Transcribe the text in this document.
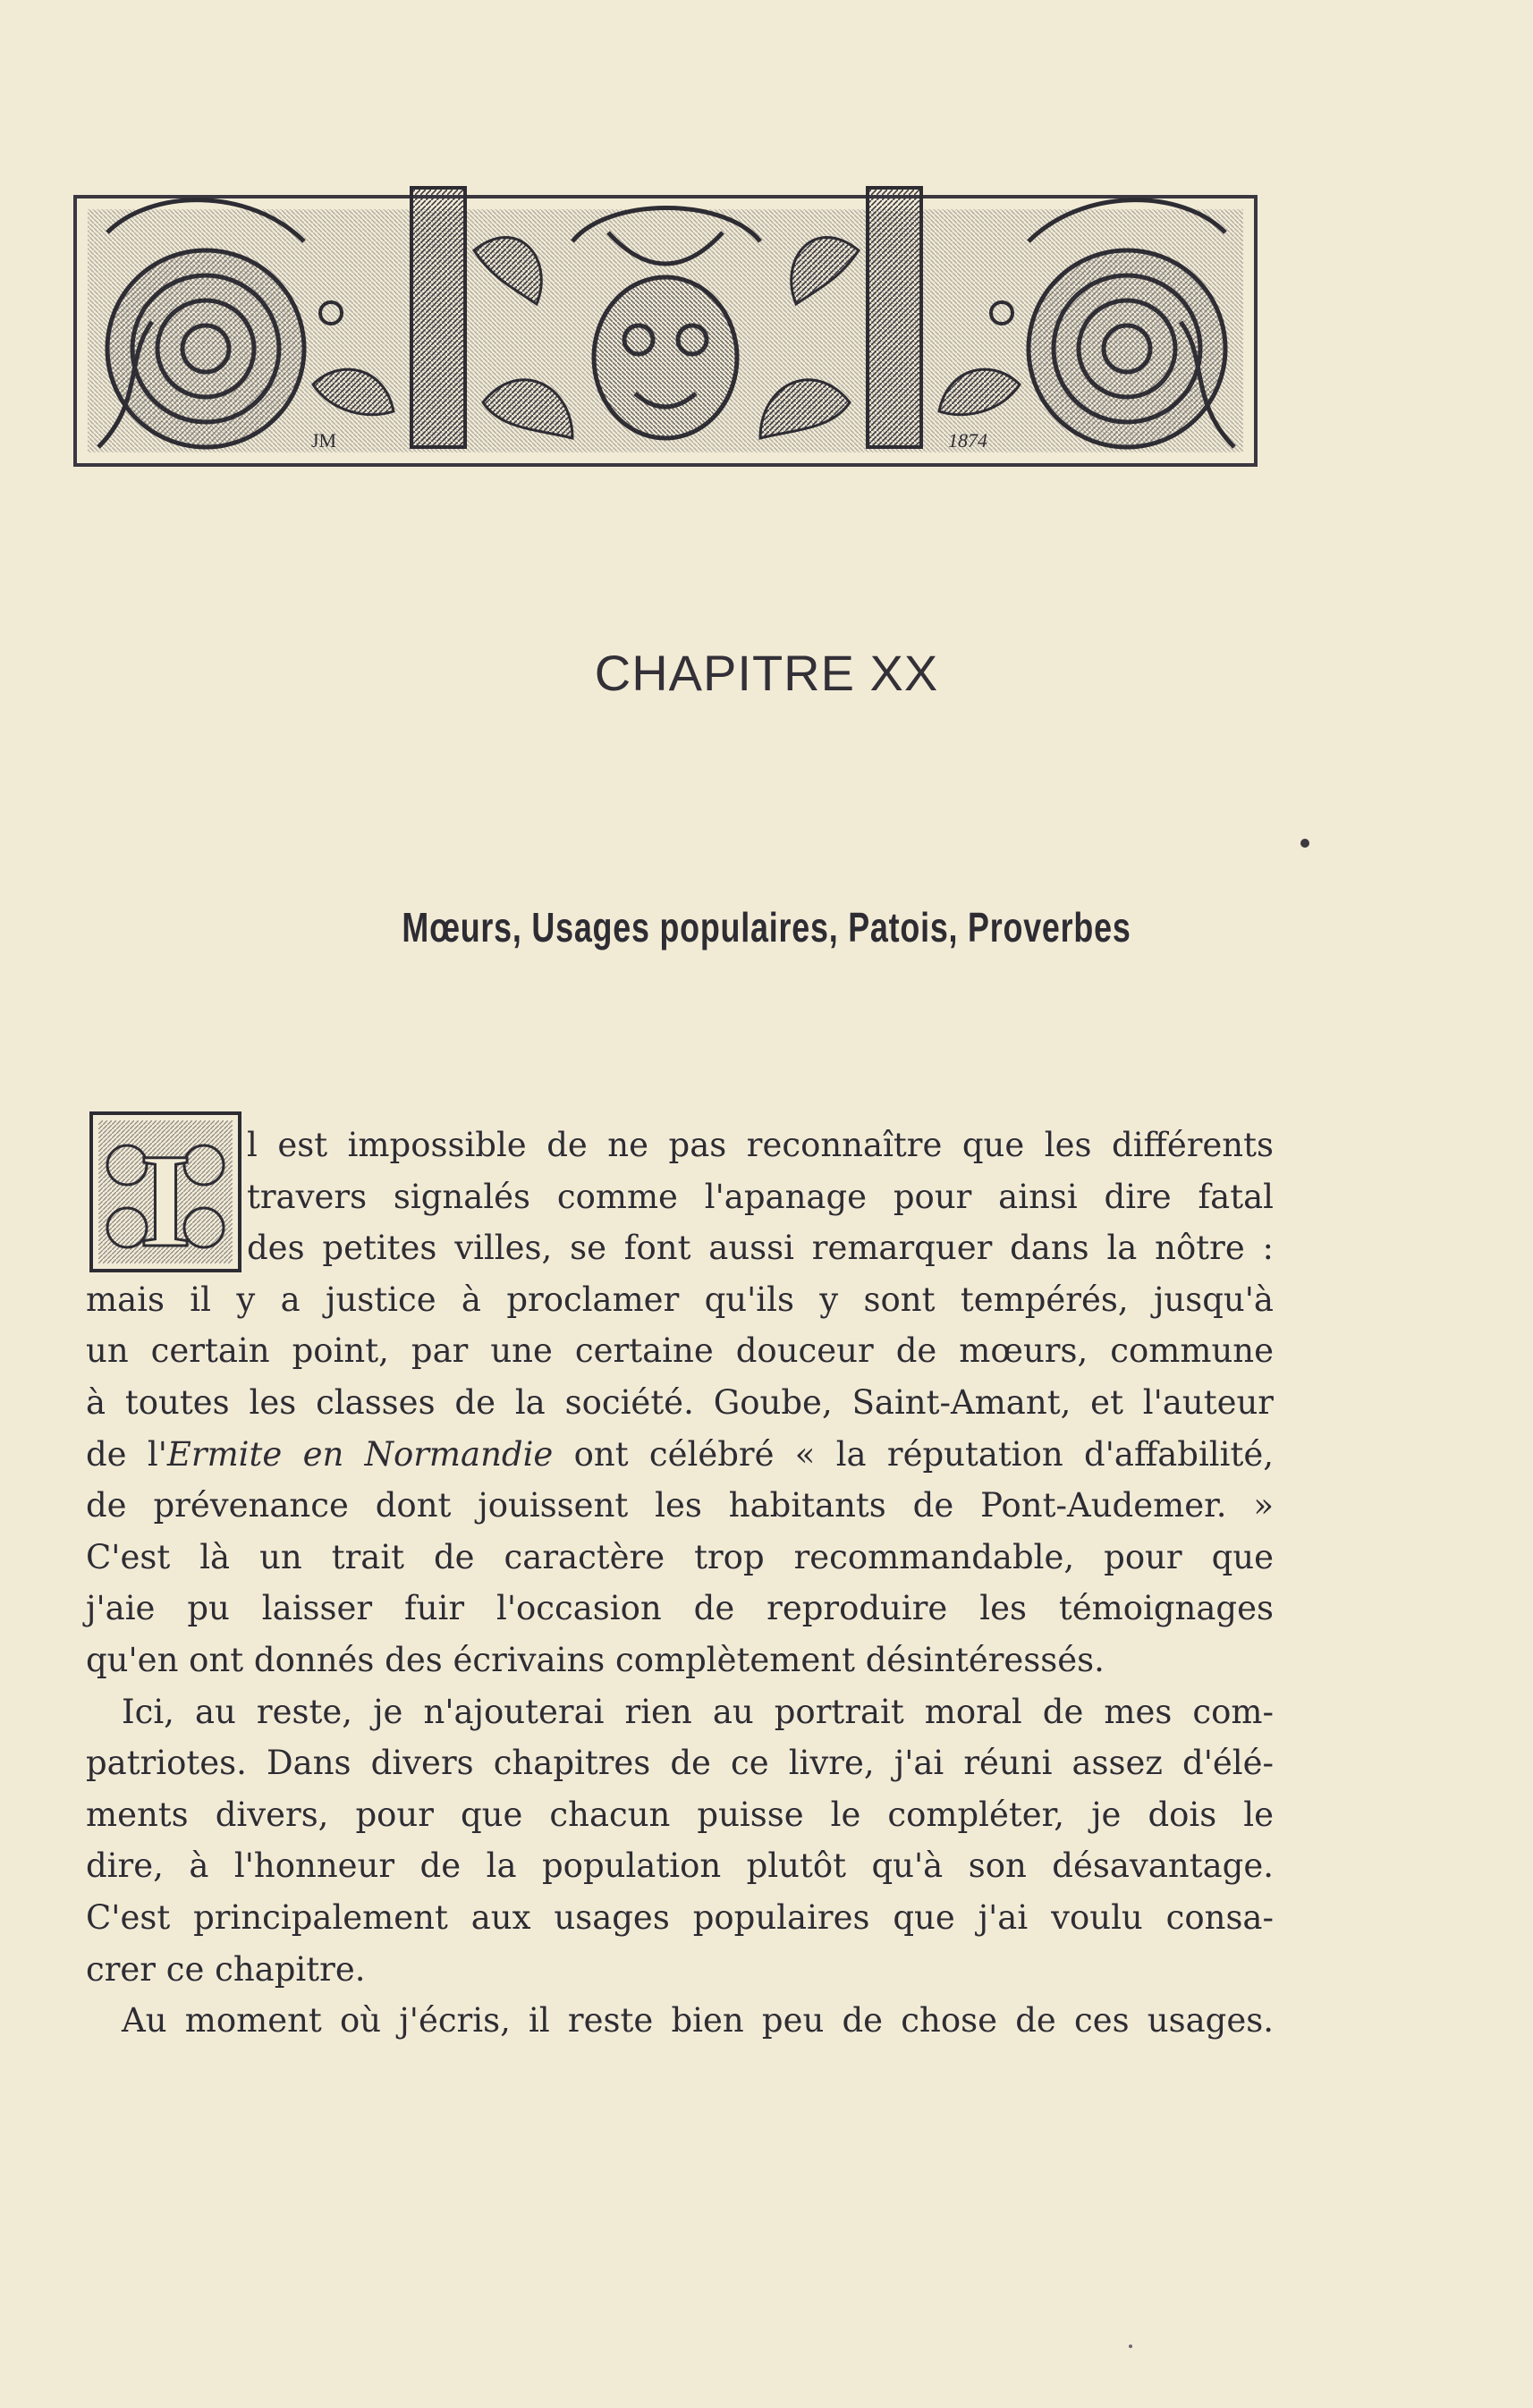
JM	1874
CHAPITRE XX
Mœurs, Usages populaires, Patois, Proverbes
I l est impossible de ne pas reconnaître que les différents
travers signalés comme l'apanage pour ainsi dire fatal
des petites villes, se font aussi remarquer dans la nôtre :
mais il y a justice à proclamer qu'ils y sont tempérés, jusqu'à
un certain point, par une certaine douceur de mœurs, commune
à toutes les classes de la société. Goube, Saint-Amant, et l'auteur
de l'Ermite en Normandie ont célébré « la réputation d'affabilité,
de prévenance dont jouissent les habitants de Pont-Audemer. »
C'est là un trait de caractère trop recommandable, pour que
j'aie pu laisser fuir l'occasion de reproduire les témoignages
qu'en ont donnés des écrivains complètement désintéressés.
Ici, au reste, je n'ajouterai rien au portrait moral de mes com-
patriotes. Dans divers chapitres de ce livre, j'ai réuni assez d'élé-
ments divers, pour que chacun puisse le compléter, je dois le
dire, à l'honneur de la population plutôt qu'à son désavantage.
C'est principalement aux usages populaires que j'ai voulu consa-
crer ce chapitre.
Au moment où j'écris, il reste bien peu de chose de ces usages.
